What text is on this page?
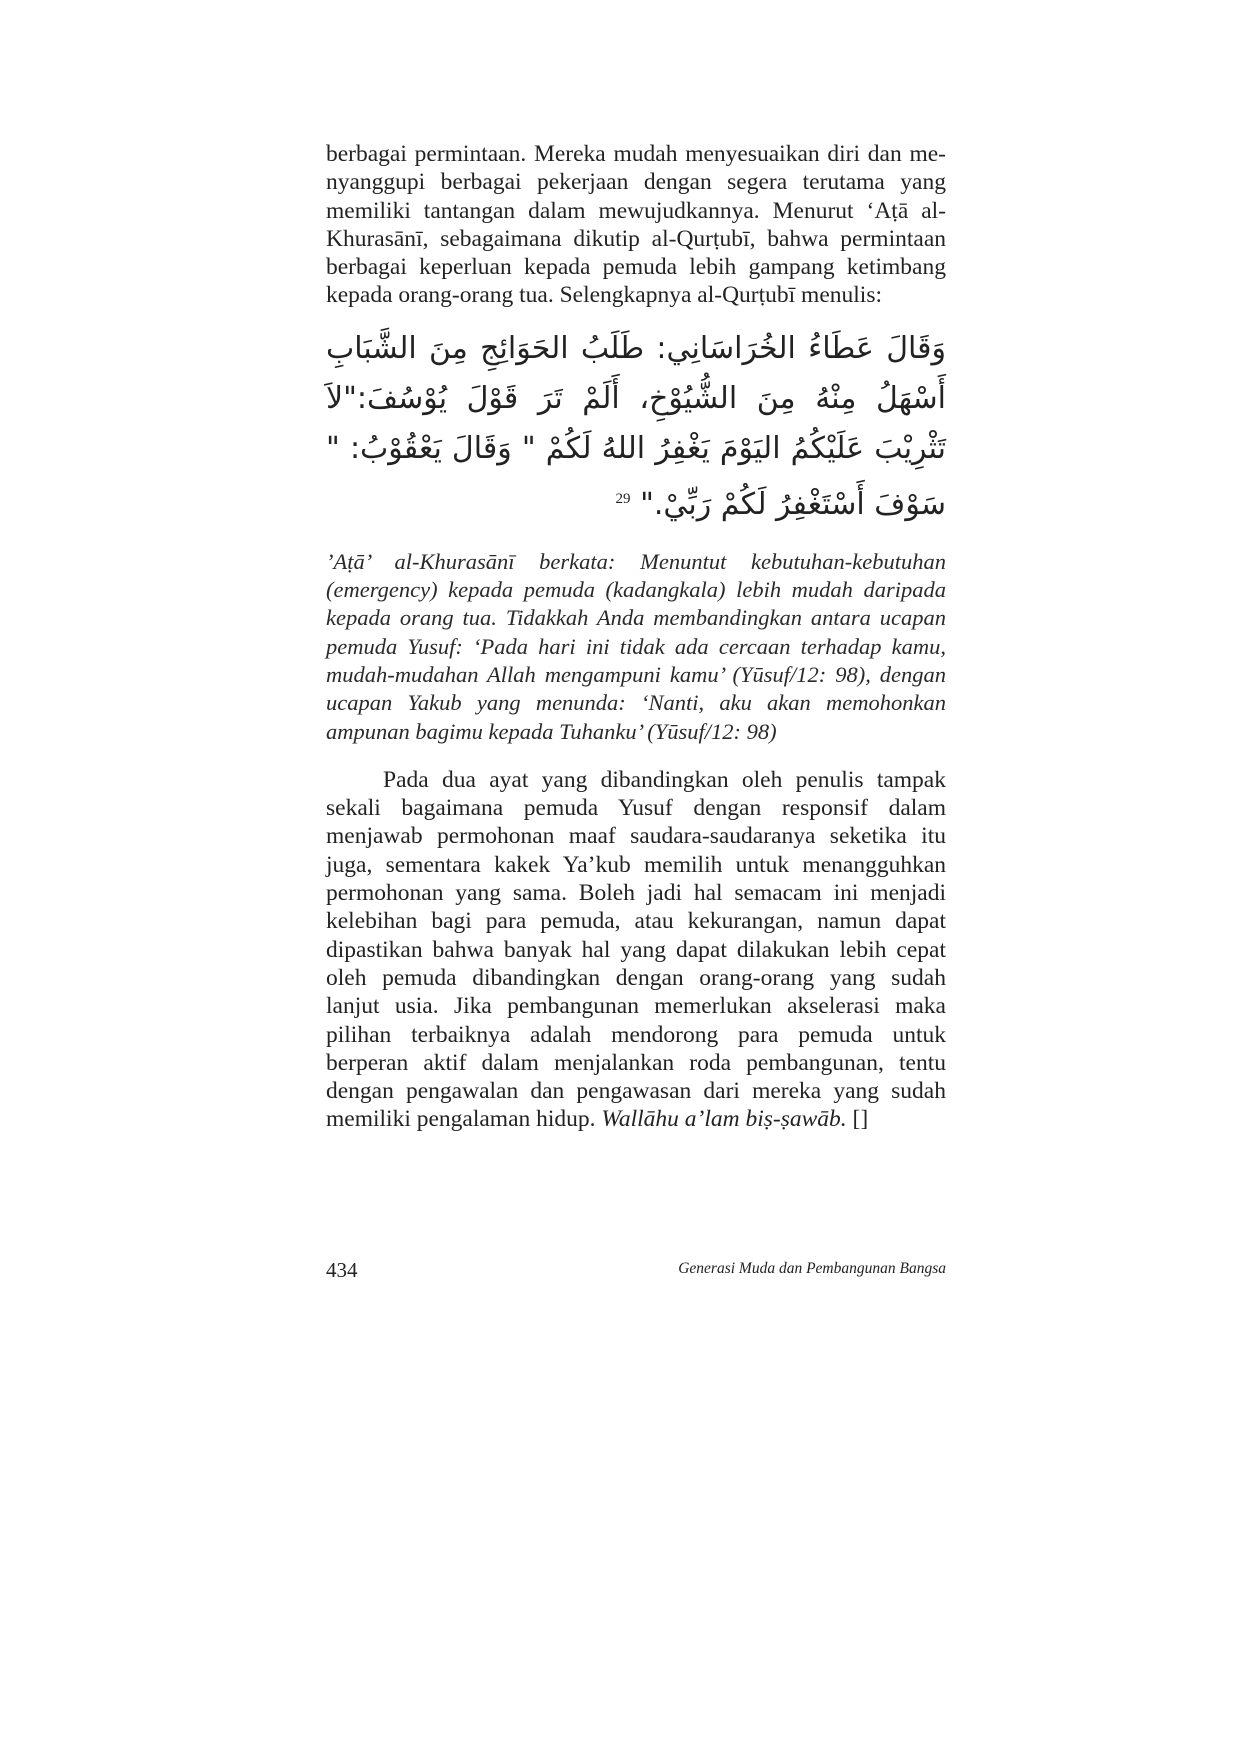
berbagai permintaan. Mereka mudah menyesuaikan diri dan menyanggupi berbagai pekerjaan dengan segera terutama yang memiliki tantangan dalam mewujudkannya. Menurut ‘Aṭā al-Khurasānī, sebagaimana dikutip al-Qurṭubī, bahwa permintaan berbagai keperluan kepada pemuda lebih gampang ketimbang kepada orang-orang tua. Selengkapnya al-Qurṭubī menulis:

وَقَالَ عَطَاءُ الخُرَاسَانِي: طَلَبُ الحَوَائِجِ مِنَ الشَّبَابِ أَسْهَلُ مِنْهُ مِنَ الشُّيُوْخِ، أَلَمْ تَرَ قَوْلَ يُوْسُفَ:"لاَ تَثْرِيْبَ عَلَيْكُمُ اليَوْمَ يَغْفِرُ اللهُ لَكُمْ " وَقَالَ يَعْقُوْبُ: " سَوْفَ أَسْتَغْفِرُ لَكُمْ رَبِّيْ." $^{29}$

’Aṭā’ al-Khurasānī berkata: Menuntut kebutuhan-kebutuhan (emergency) kepada pemuda (kadangkala) lebih mudah daripada kepada orang tua. Tidakkah Anda membandingkan antara ucapan pemuda Yusuf: ‘Pada hari ini tidak ada cercaan terhadap kamu, mudah-mudahan Allah mengampuni kamu’ (Yūsuf/12: 98), dengan ucapan Yakub yang menunda: ‘Nanti, aku akan memohonkan ampunan bagimu kepada Tuhanku’ (Yūsuf/12: 98)

Pada dua ayat yang dibandingkan oleh penulis tampak sekali bagaimana pemuda Yusuf dengan responsif dalam menjawab permohonan maaf saudara-saudaranya seketika itu juga, sementara kakek Ya’kub memilih untuk menangguhkan permohonan yang sama. Boleh jadi hal semacam ini menjadi kelebihan bagi para pemuda, atau kekurangan, namun dapat dipastikan bahwa banyak hal yang dapat dilakukan lebih cepat oleh pemuda dibandingkan dengan orang-orang yang sudah lanjut usia. Jika pembangunan memerlukan akselerasi maka pilihan terbaiknya adalah mendorong para pemuda untuk berperan aktif dalam menjalankan roda pembangunan, tentu dengan pengawalan dan pengawasan dari mereka yang sudah memiliki pengalaman hidup. Wallāhu a’lam biṣ-ṣawāb. []

434	Generasi Muda dan Pembangunan Bangsa
